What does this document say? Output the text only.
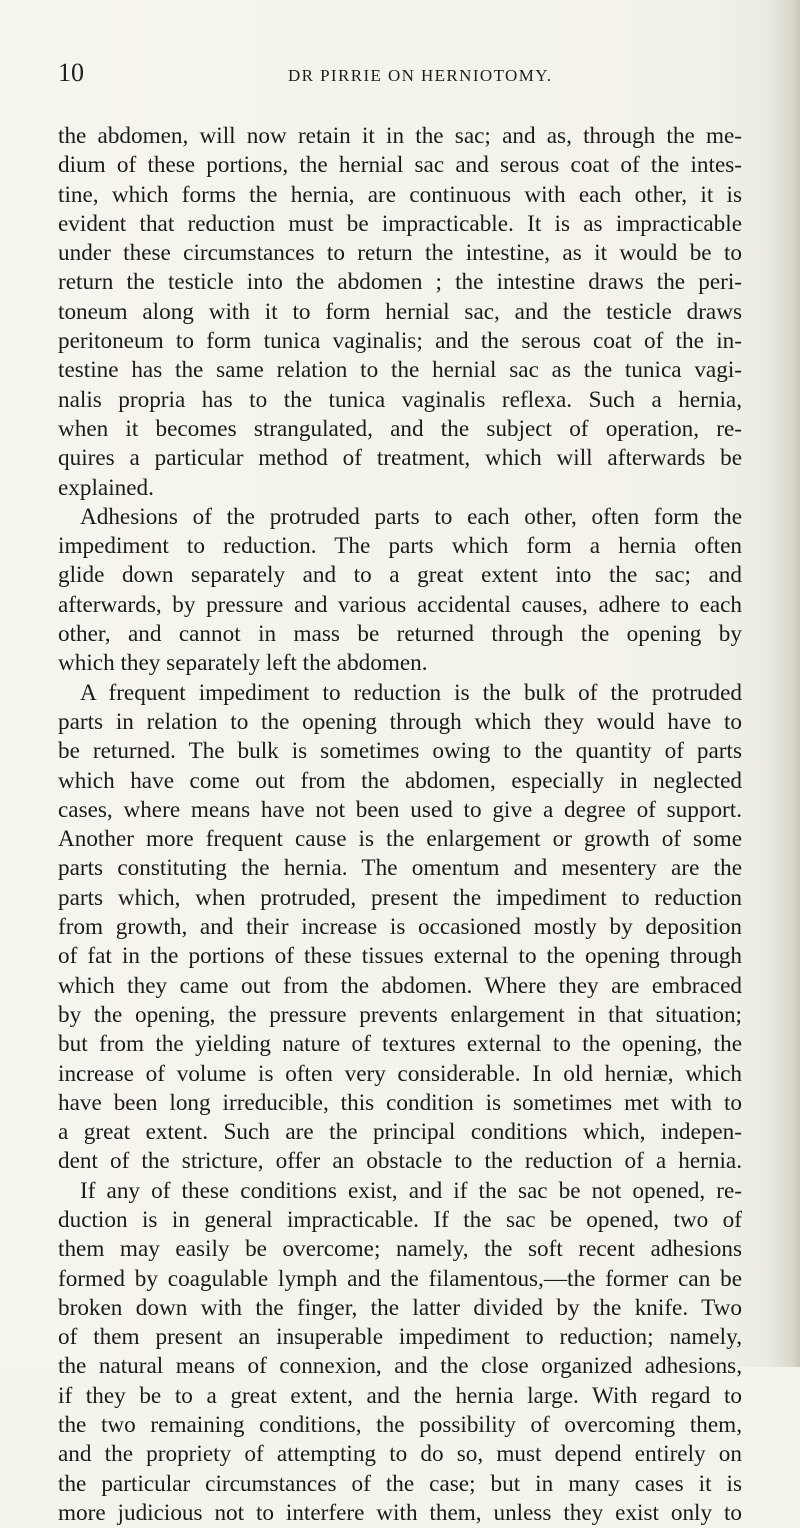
10	DR PIRRIE ON HERNIOTOMY.
the abdomen, will now retain it in the sac; and as, through the me-
dium of these portions, the hernial sac and serous coat of the intes-
tine, which forms the hernia, are continuous with each other, it is
evident that reduction must be impracticable. It is as impracticable
under these circumstances to return the intestine, as it would be to
return the testicle into the abdomen ; the intestine draws the peri-
toneum along with it to form hernial sac, and the testicle draws
peritoneum to form tunica vaginalis; and the serous coat of the in-
testine has the same relation to the hernial sac as the tunica vagi-
nalis propria has to the tunica vaginalis reflexa. Such a hernia,
when it becomes strangulated, and the subject of operation, re-
quires a particular method of treatment, which will afterwards be
explained.
Adhesions of the protruded parts to each other, often form the
impediment to reduction. The parts which form a hernia often
glide down separately and to a great extent into the sac; and
afterwards, by pressure and various accidental causes, adhere to each
other, and cannot in mass be returned through the opening by
which they separately left the abdomen.
A frequent impediment to reduction is the bulk of the protruded
parts in relation to the opening through which they would have to
be returned. The bulk is sometimes owing to the quantity of parts
which have come out from the abdomen, especially in neglected
cases, where means have not been used to give a degree of support.
Another more frequent cause is the enlargement or growth of some
parts constituting the hernia. The omentum and mesentery are the
parts which, when protruded, present the impediment to reduction
from growth, and their increase is occasioned mostly by deposition
of fat in the portions of these tissues external to the opening through
which they came out from the abdomen. Where they are embraced
by the opening, the pressure prevents enlargement in that situation;
but from the yielding nature of textures external to the opening, the
increase of volume is often very considerable. In old herniæ, which
have been long irreducible, this condition is sometimes met with to
a great extent. Such are the principal conditions which, indepen-
dent of the stricture, offer an obstacle to the reduction of a hernia.
If any of these conditions exist, and if the sac be not opened, re-
duction is in general impracticable. If the sac be opened, two of
them may easily be overcome; namely, the soft recent adhesions
formed by coagulable lymph and the filamentous,—the former can be
broken down with the finger, the latter divided by the knife. Two
of them present an insuperable impediment to reduction; namely,
the natural means of connexion, and the close organized adhesions,
if they be to a great extent, and the hernia large. With regard to
the two remaining conditions, the possibility of overcoming them,
and the propriety of attempting to do so, must depend entirely on
the particular circumstances of the case; but in many cases it is
more judicious not to interfere with them, unless they exist only to
